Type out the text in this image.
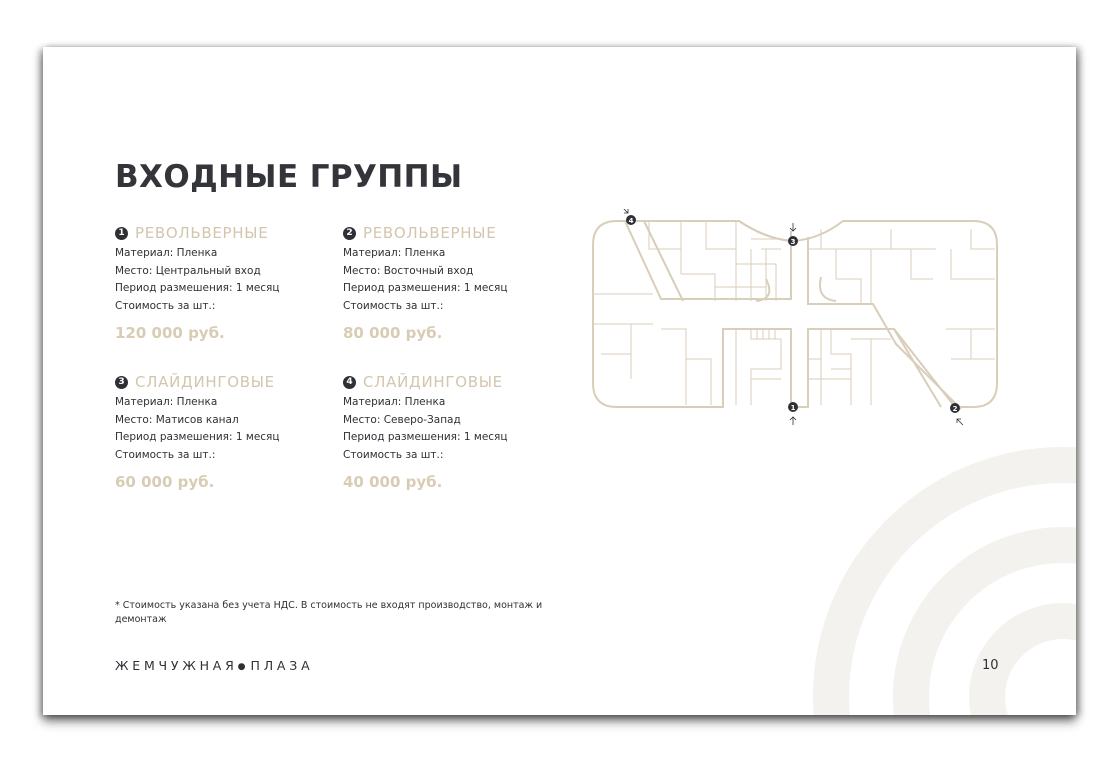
ВХОДНЫЕ ГРУППЫ
1 РЕВОЛЬВЕРНЫЕ
Материал: Пленка
Место: Центральный вход
Период размешения: 1 месяц
Стоимость за шт.:
120 000 руб.
2 РЕВОЛЬВЕРНЫЕ
Материал: Пленка
Место: Восточный вход
Период размешения: 1 месяц
Стоимость за шт.:
80 000 руб.
3 СЛАЙДИНГОВЫЕ
Материал: Пленка
Место: Матисов канал
Период размешения: 1 месяц
Стоимость за шт.:
60 000 руб.
4 СЛАЙДИНГОВЫЕ
Материал: Пленка
Место: Северо-Запад
Период размешения: 1 месяц
Стоимость за шт.:
40 000 руб.
1	2
3
4
* Стоимость указана без учета НДС. В стоимость не входят производство, монтаж и демонтаж
ЖЕМЧУЖНАЯ● ПЛАЗА	10
